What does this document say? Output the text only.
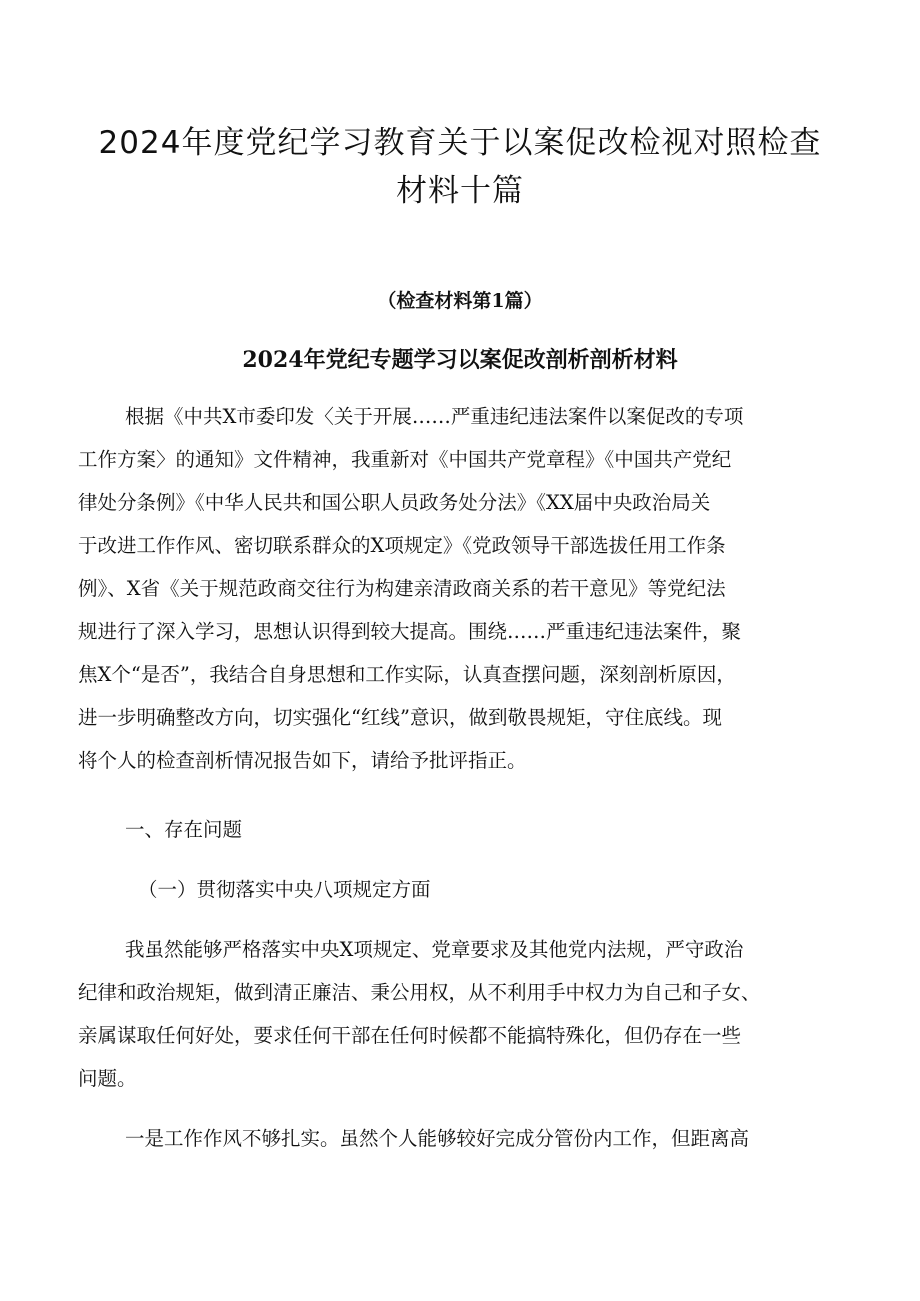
2024年度党纪学习教育关于以案促改检视对照检查
材料十篇
（检查材料第1篇）
2024年党纪专题学习以案促改剖析剖析材料
根据《中共X市委印发〈关于开展……严重违纪违法案件以案促改的专项
工作方案〉的通知》文件精神，我重新对《中国共产党章程》《中国共产党纪
律处分条例》《中华人民共和国公职人员政务处分法》《XX届中央政治局关
于改进工作作风、密切联系群众的X项规定》《党政领导干部选拔任用工作条
例》、X省《关于规范政商交往行为构建亲清政商关系的若干意见》等党纪法
规进行了深入学习，思想认识得到较大提高。围绕……严重违纪违法案件，聚
焦X个“是否”，我结合自身思想和工作实际，认真查摆问题，深刻剖析原因，
进一步明确整改方向，切实强化“红线”意识，做到敬畏规矩，守住底线。现
将个人的检查剖析情况报告如下，请给予批评指正。
一、存在问题
（一）贯彻落实中央八项规定方面
我虽然能够严格落实中央X项规定、党章要求及其他党内法规，严守政治
纪律和政治规矩，做到清正廉洁、秉公用权，从不利用手中权力为自己和子女、
亲属谋取任何好处，要求任何干部在任何时候都不能搞特殊化，但仍存在一些
问题。
一是工作作风不够扎实。虽然个人能够较好完成分管份内工作，但距离高
